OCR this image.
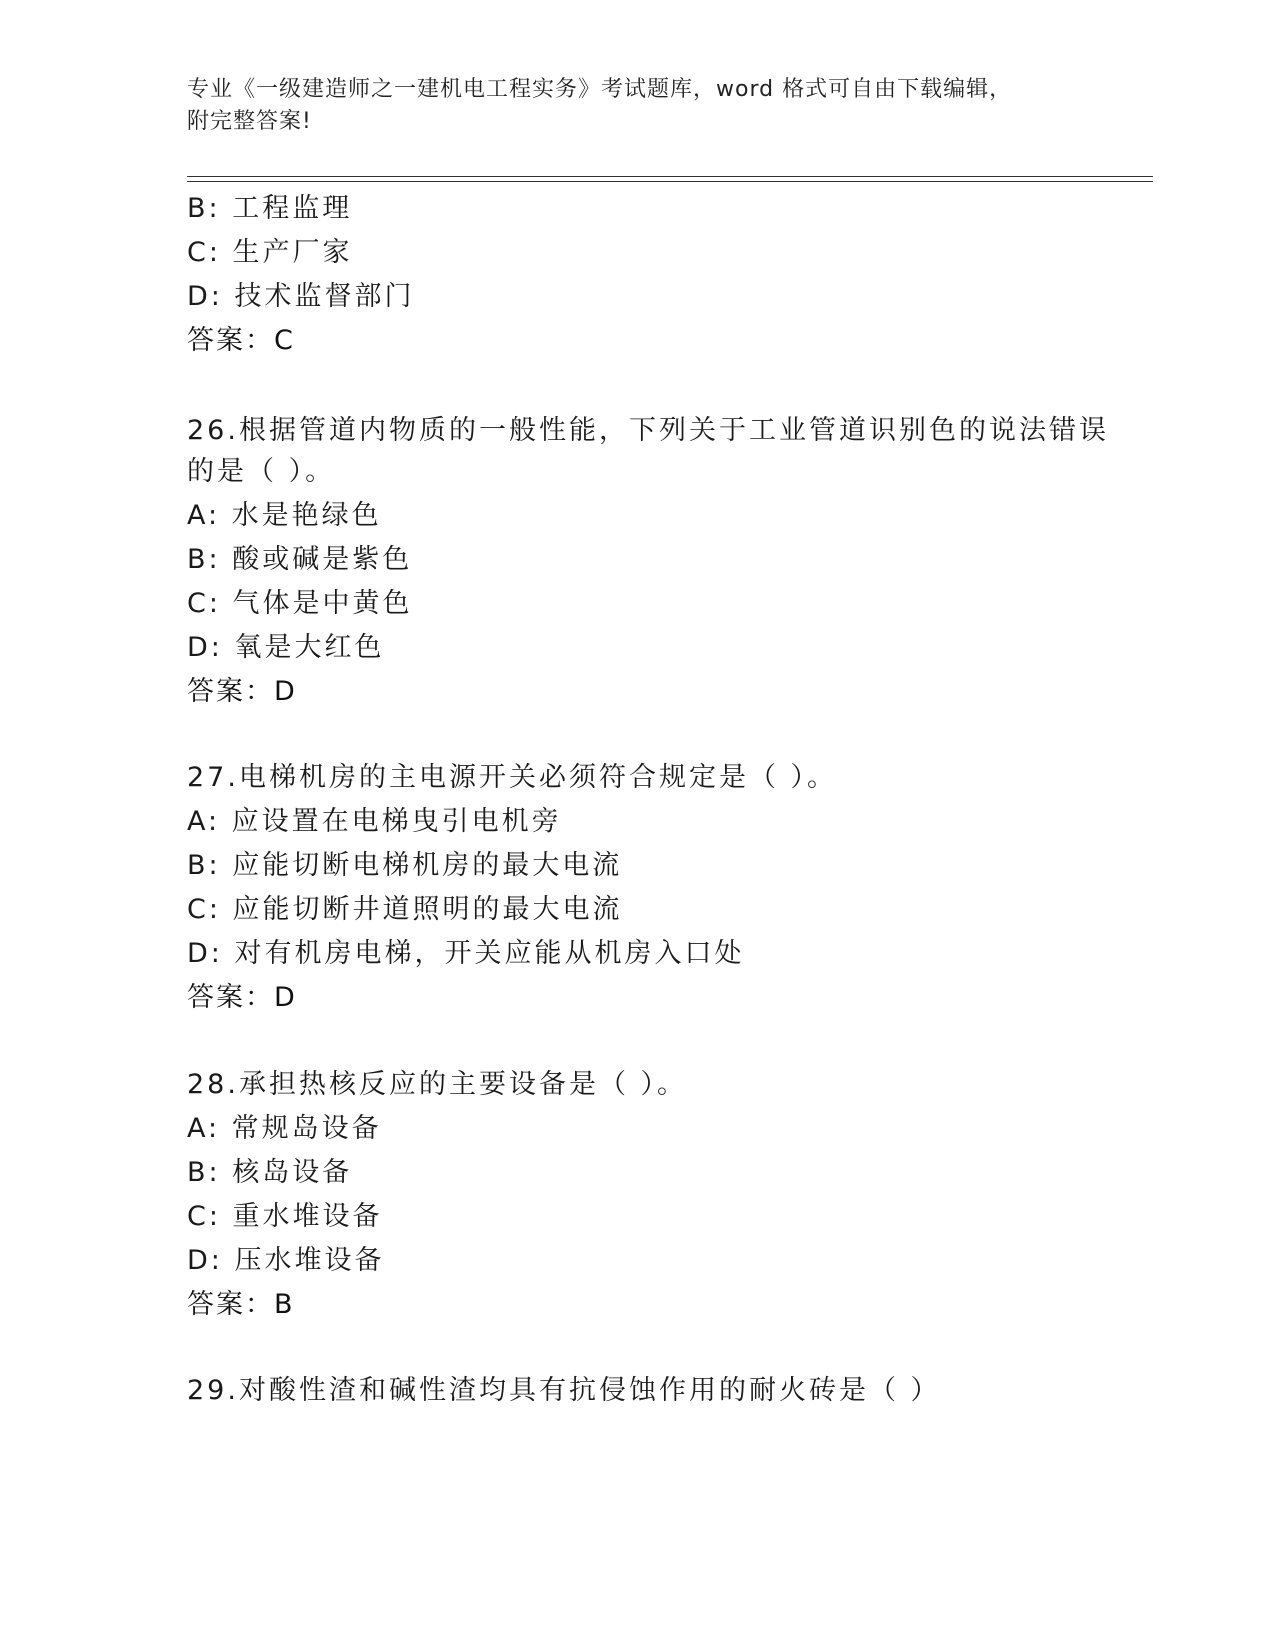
专业《一级建造师之一建机电工程实务》考试题库，word 格式可自由下载编辑，
附完整答案!
B: 工程监理
C: 生产厂家
D: 技术监督部门
答案：C
26.根据管道内物质的一般性能，下列关于工业管道识别色的说法错误
的是（ ）。
A: 水是艳绿色
B: 酸或碱是紫色
C: 气体是中黄色
D: 氧是大红色
答案：D
27.电梯机房的主电源开关必须符合规定是（ ）。
A: 应设置在电梯曳引电机旁
B: 应能切断电梯机房的最大电流
C: 应能切断井道照明的最大电流
D: 对有机房电梯，开关应能从机房入口处
答案：D
28.承担热核反应的主要设备是（ ）。
A: 常规岛设备
B: 核岛设备
C: 重水堆设备
D: 压水堆设备
答案：B
29.对酸性渣和碱性渣均具有抗侵蚀作用的耐火砖是（ ）
